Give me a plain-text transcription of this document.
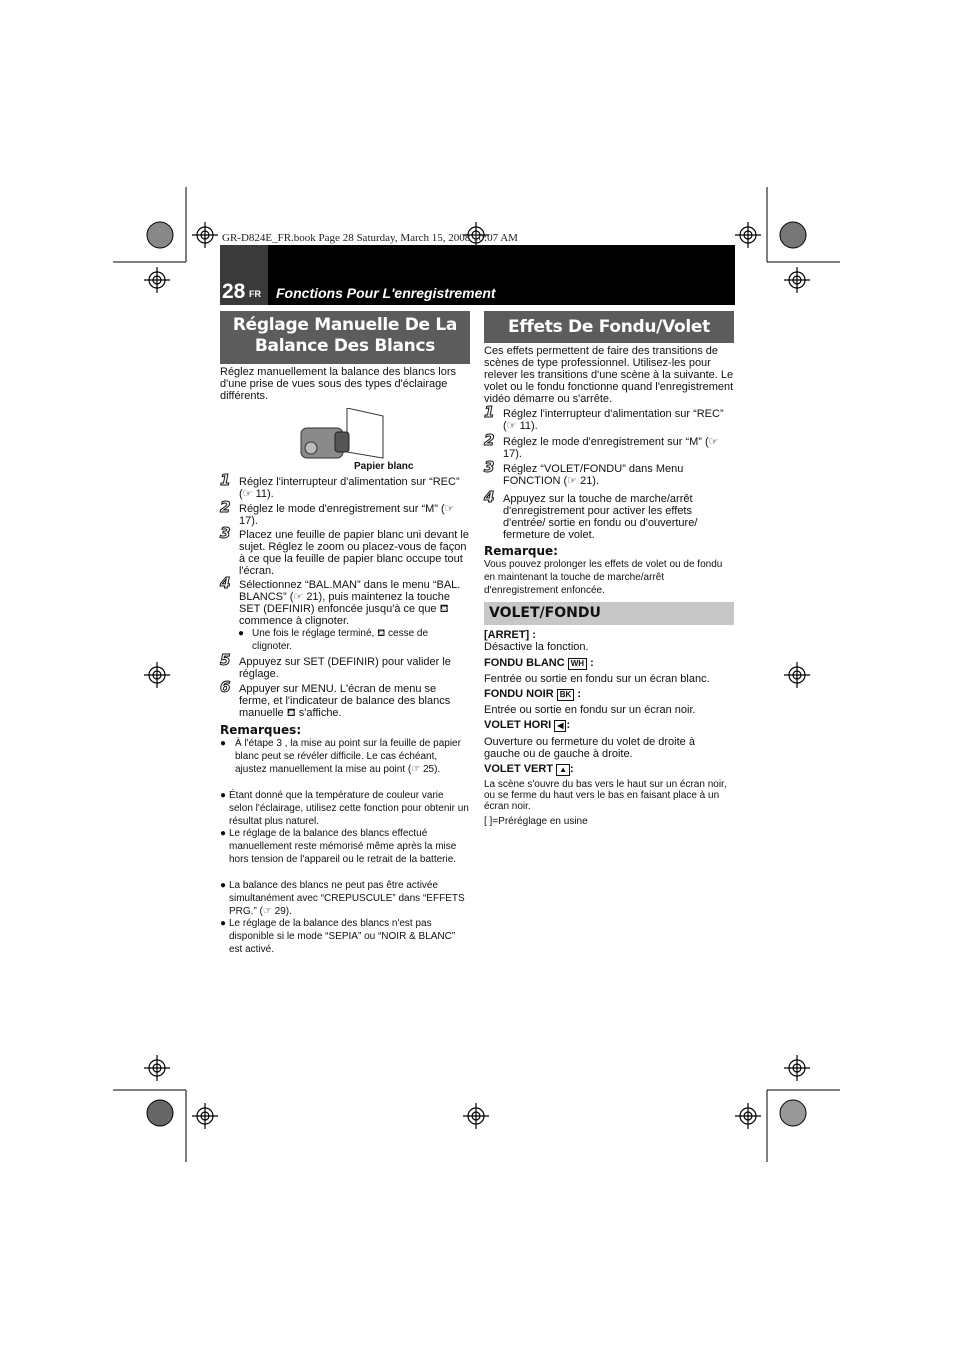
GR-D824E_FR.book Page 28 Saturday, March 15, 2008 10:07 AM
28 FR Fonctions Pour L'enregistrement
Réglage Manuelle De La Balance Des Blancs
Réglez manuellement la balance des blancs lors d'une prise de vues sous des types d'éclairage différents.
Papier blanc
1 Réglez l'interrupteur d'alimentation sur “REC” (☞ 11).
2 Réglez le mode d'enregistrement sur “M” (☞ 17).
3 Placez une feuille de papier blanc uni devant le sujet. Réglez le zoom ou placez-vous de façon à ce que la feuille de papier blanc occupe tout l'écran.
4 Sélectionnez “BAL.MAN” dans le menu “BAL. BLANCS” (☞ 21), puis maintenez la touche SET (DEFINIR) enfoncée jusqu'à ce que ⛾ commence à clignoter.
● Une fois le réglage terminé, ⛾ cesse de clignoter.
5 Appuyez sur SET (DEFINIR) pour valider le réglage.
6 Appuyer sur MENU. L'écran de menu se ferme, et l'indicateur de balance des blancs manuelle ⛾ s'affiche.
Remarques:
● À l'étape 3 , la mise au point sur la feuille de papier blanc peut se révéler difficile. Le cas échéant, ajustez manuellement la mise au point (☞ 25).
● Étant donné que la température de couleur varie selon l'éclairage, utilisez cette fonction pour obtenir un résultat plus naturel.
● Le réglage de la balance des blancs effectué manuellement reste mémorisé même après la mise hors tension de l'appareil ou le retrait de la batterie.
● La balance des blancs ne peut pas être activée simultanément avec “CREPUSCULE” dans “EFFETS PRG.” (☞ 29).
● Le réglage de la balance des blancs n'est pas disponible si le mode “SEPIA” ou “NOIR & BLANC” est activé.
Effets De Fondu/Volet
Ces effets permettent de faire des transitions de scènes de type professionnel. Utilisez-les pour relever les transitions d'une scène à la suivante. Le volet ou le fondu fonctionne quand l'enregistrement vidéo démarre ou s'arrête.
1 Réglez l'interrupteur d'alimentation sur “REC” (☞ 11).
2 Réglez le mode d'enregistrement sur “M” (☞ 17).
3 Réglez “VOLET/FONDU” dans Menu FONCTION (☞ 21).
4 Appuyez sur la touche de marche/arrêt d'enregistrement pour activer les effets d'entrée/ sortie en fondu ou d'ouverture/ fermeture de volet.
Remarque:
Vous pouvez prolonger les effets de volet ou de fondu en maintenant la touche de marche/arrêt d'enregistrement enfoncée.
VOLET/FONDU
[ARRET] :
Désactive la fonction.
FONDU BLANC WH :
Fentrée ou sortie en fondu sur un écran blanc.
FONDU NOIR BK :
Entrée ou sortie en fondu sur un écran noir.
VOLET HORI ◀ :
Ouverture ou fermeture du volet de droite à gauche ou de gauche à droite.
VOLET VERT ▲ :
La scène s'ouvre du bas vers le haut sur un écran noir, ou se ferme du haut vers le bas en faisant place à un écran noir.
[ ]=Préréglage en usine
